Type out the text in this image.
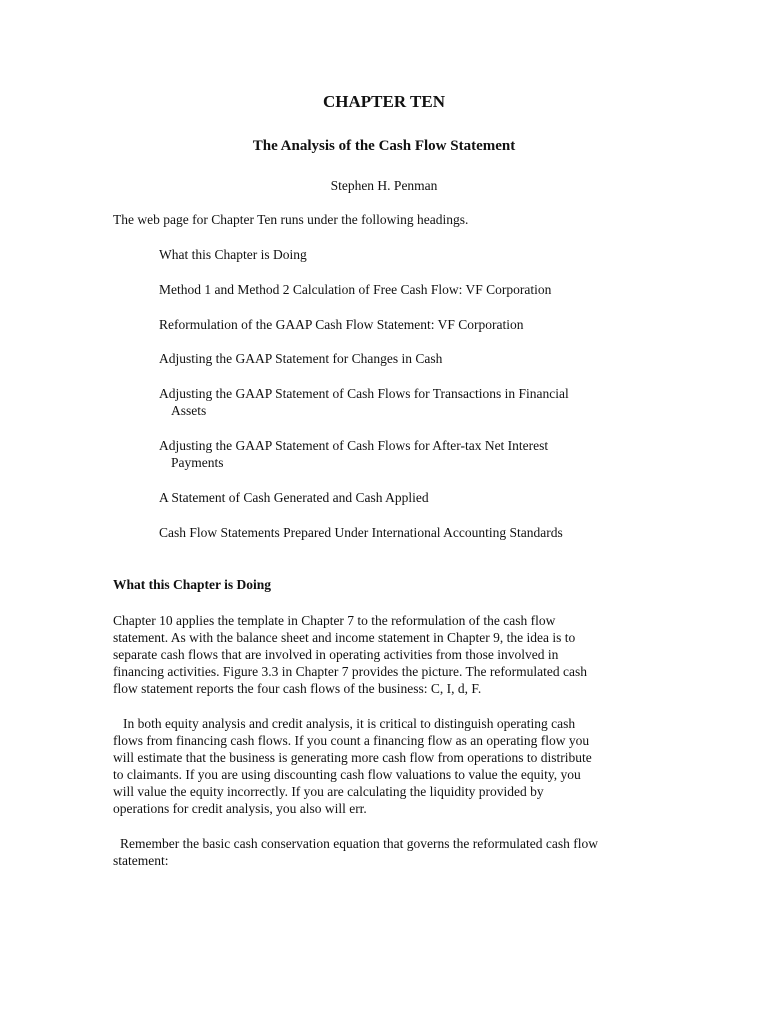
CHAPTER TEN
The Analysis of the Cash Flow Statement

Stephen H. Penman

The web page for Chapter Ten runs under the following headings.

What this Chapter is Doing
Method 1 and Method 2 Calculation of Free Cash Flow: VF Corporation
Reformulation of the GAAP Cash Flow Statement: VF Corporation
Adjusting the GAAP Statement for Changes in Cash
Adjusting the GAAP Statement of Cash Flows for Transactions in Financial
Assets
Adjusting the GAAP Statement of Cash Flows for After-tax Net Interest
Payments
A Statement of Cash Generated and Cash Applied
Cash Flow Statements Prepared Under International Accounting Standards
What this Chapter is Doing

Chapter 10 applies the template in Chapter 7 to the reformulation of the cash flow
statement. As with the balance sheet and income statement in Chapter 9, the idea is to
separate cash flows that are involved in operating activities from those involved in
financing activities. Figure 3.3 in Chapter 7 provides the picture. The reformulated cash
flow statement reports the four cash flows of the business: C, I, d, F.

In both equity analysis and credit analysis, it is critical to distinguish operating cash
flows from financing cash flows. If you count a financing flow as an operating flow you
will estimate that the business is generating more cash flow from operations to distribute
to claimants. If you are using discounting cash flow valuations to value the equity, you
will value the equity incorrectly. If you are calculating the liquidity provided by
operations for credit analysis, you also will err.

Remember the basic cash conservation equation that governs the reformulated cash flow
statement:
